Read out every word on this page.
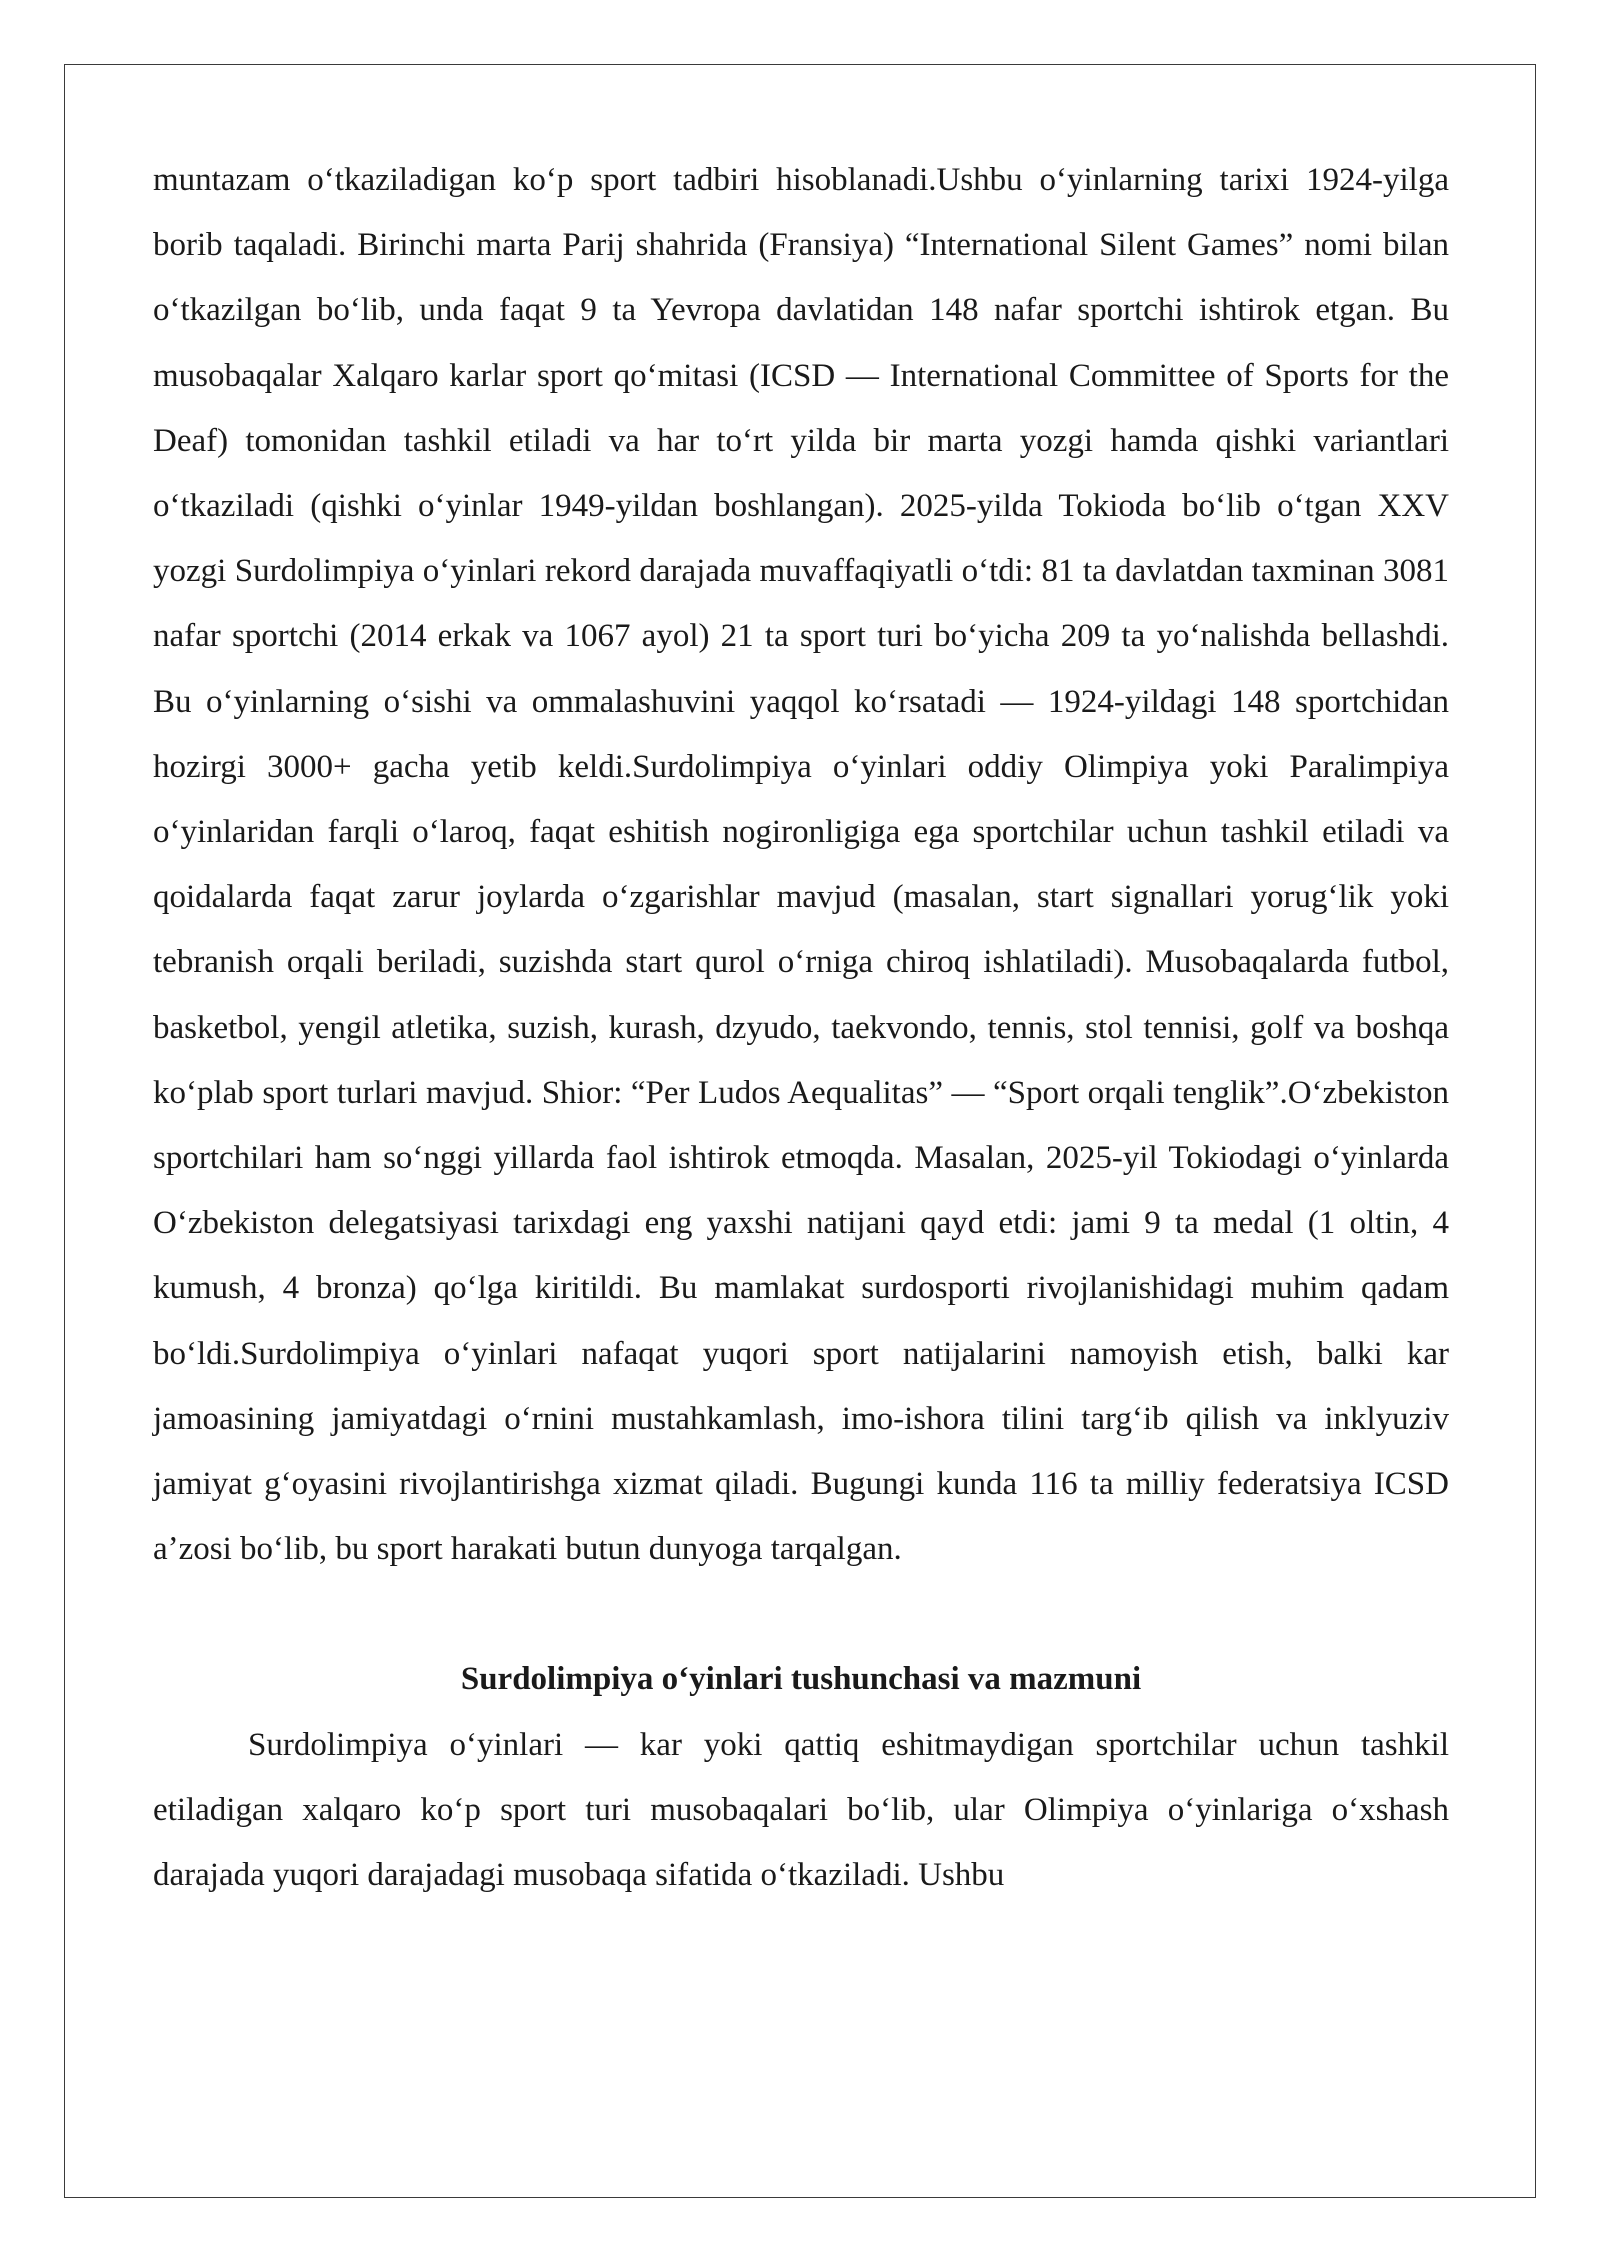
muntazam oʻtkaziladigan koʻp sport tadbiri hisoblanadi.Ushbu oʻyinlarning tarixi 1924-yilga borib taqaladi. Birinchi marta Parij shahrida (Fransiya) “International Silent Games” nomi bilan oʻtkazilgan boʻlib, unda faqat 9 ta Yevropa davlatidan 148 nafar sportchi ishtirok etgan. Bu musobaqalar Xalqaro karlar sport qoʻmitasi (ICSD — International Committee of Sports for the Deaf) tomonidan tashkil etiladi va har toʻrt yilda bir marta yozgi hamda qishki variantlari oʻtkaziladi (qishki oʻyinlar 1949-yildan boshlangan). 2025-yilda Tokioda boʻlib oʻtgan XXV yozgi Surdolimpiya oʻyinlari rekord darajada muvaffaqiyatli oʻtdi: 81 ta davlatdan taxminan 3081 nafar sportchi (2014 erkak va 1067 ayol) 21 ta sport turi boʻyicha 209 ta yoʻnalishda bellashdi. Bu oʻyinlarning oʻsishi va ommalashuvini yaqqol koʻrsatadi — 1924-yildagi 148 sportchidan hozirgi 3000+ gacha yetib keldi.Surdolimpiya oʻyinlari oddiy Olimpiya yoki Paralimpiya oʻyinlaridan farqli oʻlaroq, faqat eshitish nogironligiga ega sportchilar uchun tashkil etiladi va qoidalarda faqat zarur joylarda oʻzgarishlar mavjud (masalan, start signallari yorugʻlik yoki tebranish orqali beriladi, suzishda start qurol oʻrniga chiroq ishlatiladi). Musobaqalarda futbol, basketbol, yengil atletika, suzish, kurash, dzyudo, taekvondo, tennis, stol tennisi, golf va boshqa koʻplab sport turlari mavjud. Shior: “Per Ludos Aequalitas” — “Sport orqali tenglik”.Oʻzbekiston sportchilari ham soʻnggi yillarda faol ishtirok etmoqda. Masalan, 2025-yil Tokiodagi oʻyinlarda Oʻzbekiston delegatsiyasi tarixdagi eng yaxshi natijani qayd etdi: jami 9 ta medal (1 oltin, 4 kumush, 4 bronza) qoʻlga kiritildi. Bu mamlakat surdosporti rivojlanishidagi muhim qadam boʻldi.Surdolimpiya oʻyinlari nafaqat yuqori sport natijalarini namoyish etish, balki kar jamoasining jamiyatdagi oʻrnini mustahkamlash, imo-ishora tilini targʻib qilish va inklyuziv jamiyat gʻoyasini rivojlantirishga xizmat qiladi. Bugungi kunda 116 ta milliy federatsiya ICSD aʼzosi boʻlib, bu sport harakati butun dunyoga tarqalgan.

Surdolimpiya oʻyinlari tushunchasi va mazmuni

Surdolimpiya oʻyinlari — kar yoki qattiq eshitmaydigan sportchilar uchun tashkil etiladigan xalqaro koʻp sport turi musobaqalari boʻlib, ular Olimpiya oʻyinlariga oʻxshash darajada yuqori darajadagi musobaqa sifatida oʻtkaziladi. Ushbu
